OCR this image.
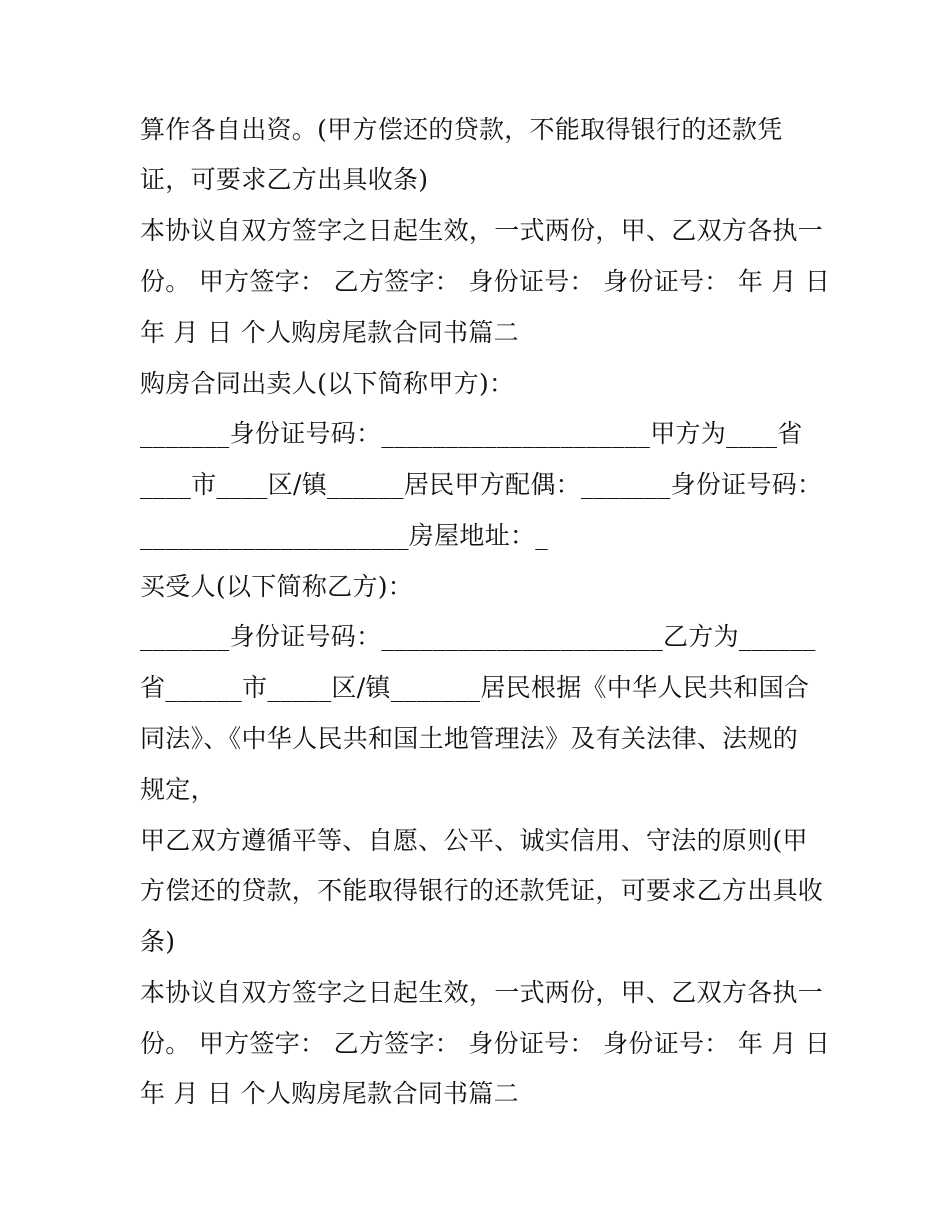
算作各自出资。(甲方偿还的贷款，不能取得银行的还款凭
证，可要求乙方出具收条)
本协议自双方签字之日起生效，一式两份，甲、乙双方各执一
份。 甲方签字： 乙方签字： 身份证号： 身份证号： 年 月 日
年 月 日 个人购房尾款合同书篇二
购房合同出卖人(以下简称甲方)：
_______身份证号码：_____________________甲方为____省
____市____区/镇______居民甲方配偶：_______身份证号码：
_____________________房屋地址：_
买受人(以下简称乙方)：
_______身份证号码：______________________乙方为______
省______市_____区/镇_______居民根据《中华人民共和国合
同法》、《中华人民共和国土地管理法》及有关法律、法规的
规定，
甲乙双方遵循平等、自愿、公平、诚实信用、守法的原则(甲
方偿还的贷款，不能取得银行的还款凭证，可要求乙方出具收
条)
本协议自双方签字之日起生效，一式两份，甲、乙双方各执一
份。 甲方签字： 乙方签字： 身份证号： 身份证号： 年 月 日
年 月 日 个人购房尾款合同书篇二
